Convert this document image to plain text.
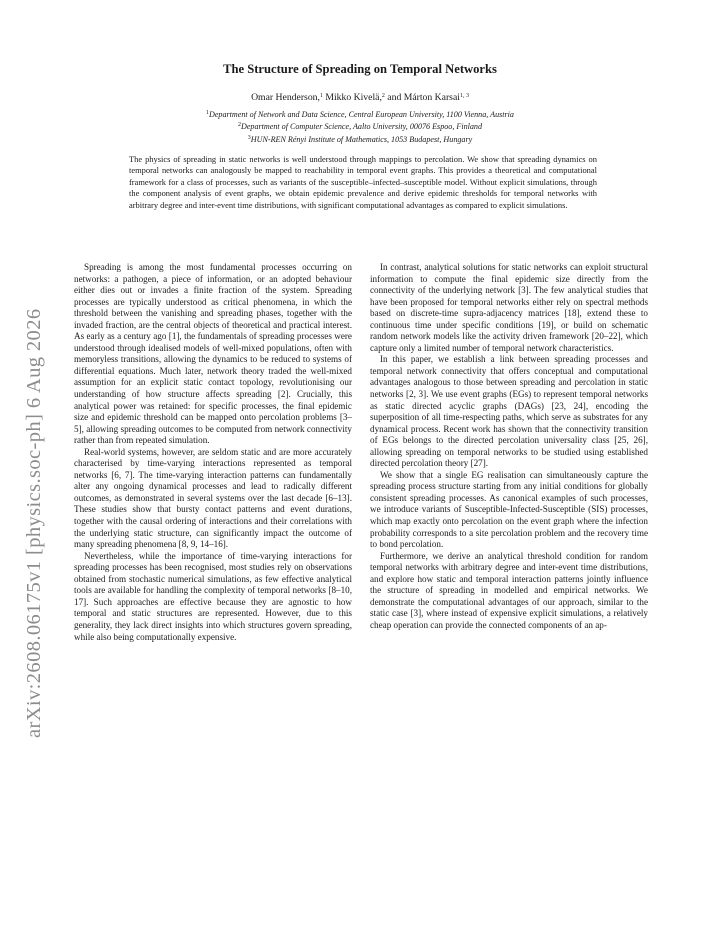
arXiv:2608.06175v1 [physics.soc-ph] 6 Aug 2026
The Structure of Spreading on Temporal Networks

Omar Henderson,$^1$ Mikko Kivelä,$^2$ and Márton Karsai$^{1, 3}$

$^1$Department of Network and Data Science, Central European University, 1100 Vienna, Austria
$^2$Department of Computer Science, Aalto University, 00076 Espoo, Finland
$^3$HUN-REN Rényi Institute of Mathematics, 1053 Budapest, Hungary

The physics of spreading in static networks is well understood through mappings to percolation. We show that spreading dynamics on temporal networks can analogously be mapped to reachability in temporal event graphs. This provides a theoretical and computational framework for a class of processes, such as variants of the susceptible–infected–susceptible model. Without explicit simulations, through the component analysis of event graphs, we obtain epidemic prevalence and derive epidemic thresholds for temporal networks with arbitrary degree and inter-event time distributions, with significant computational advantages as compared to explicit simulations.

Spreading is among the most fundamental processes occurring on networks: a pathogen, a piece of information, or an adopted behaviour either dies out or invades a finite fraction of the system. Spreading processes are typically understood as critical phenomena, in which the threshold between the vanishing and spreading phases, together with the invaded fraction, are the central objects of theoretical and practical interest. As early as a century ago [1], the fundamentals of spreading processes were understood through idealised models of well-mixed populations, often with memoryless transitions, allowing the dynamics to be reduced to systems of differential equations. Much later, network theory traded the well-mixed assumption for an explicit static contact topology, revolutionising our understanding of how structure affects spreading [2]. Crucially, this analytical power was retained: for specific processes, the final epidemic size and epidemic threshold can be mapped onto percolation problems [3–5], allowing spreading outcomes to be computed from network connectivity rather than from repeated simulation.

Real-world systems, however, are seldom static and are more accurately characterised by time-varying interactions represented as temporal networks [6, 7]. The time-varying interaction patterns can fundamentally alter any ongoing dynamical processes and lead to radically different outcomes, as demonstrated in several systems over the last decade [6–13]. These studies show that bursty contact patterns and event durations, together with the causal ordering of interactions and their correlations with the underlying static structure, can significantly impact the outcome of many spreading phenomena [8, 9, 14–16].

Nevertheless, while the importance of time-varying interactions for spreading processes has been recognised, most studies rely on observations obtained from stochastic numerical simulations, as few effective analytical tools are available for handling the complexity of temporal networks [8–10, 17]. Such approaches are effective because they are agnostic to how temporal and static structures are represented. However, due to this generality, they lack direct insights into which structures govern spreading, while also being computationally expensive.

In contrast, analytical solutions for static networks can exploit structural information to compute the final epidemic size directly from the connectivity of the underlying network [3]. The few analytical studies that have been proposed for temporal networks either rely on spectral methods based on discrete-time supra-adjacency matrices [18], extend these to continuous time under specific conditions [19], or build on schematic random network models like the activity driven framework [20–22], which capture only a limited number of temporal network characteristics.

In this paper, we establish a link between spreading processes and temporal network connectivity that offers conceptual and computational advantages analogous to those between spreading and percolation in static networks [2, 3]. We use event graphs (EGs) to represent temporal networks as static directed acyclic graphs (DAGs) [23, 24], encoding the superposition of all time-respecting paths, which serve as substrates for any dynamical process. Recent work has shown that the connectivity transition of EGs belongs to the directed percolation universality class [25, 26], allowing spreading on temporal networks to be studied using established directed percolation theory [27].

We show that a single EG realisation can simultaneously capture the spreading process structure starting from any initial conditions for globally consistent spreading processes. As canonical examples of such processes, we introduce variants of Susceptible-Infected-Susceptible (SIS) processes, which map exactly onto percolation on the event graph where the infection probability corresponds to a site percolation problem and the recovery time to bond percolation.

Furthermore, we derive an analytical threshold condition for random temporal networks with arbitrary degree and inter-event time distributions, and explore how static and temporal interaction patterns jointly influence the structure of spreading in modelled and empirical networks. We demonstrate the computational advantages of our approach, similar to the static case [3], where instead of expensive explicit simulations, a relatively cheap operation can provide the connected components of an ap-
